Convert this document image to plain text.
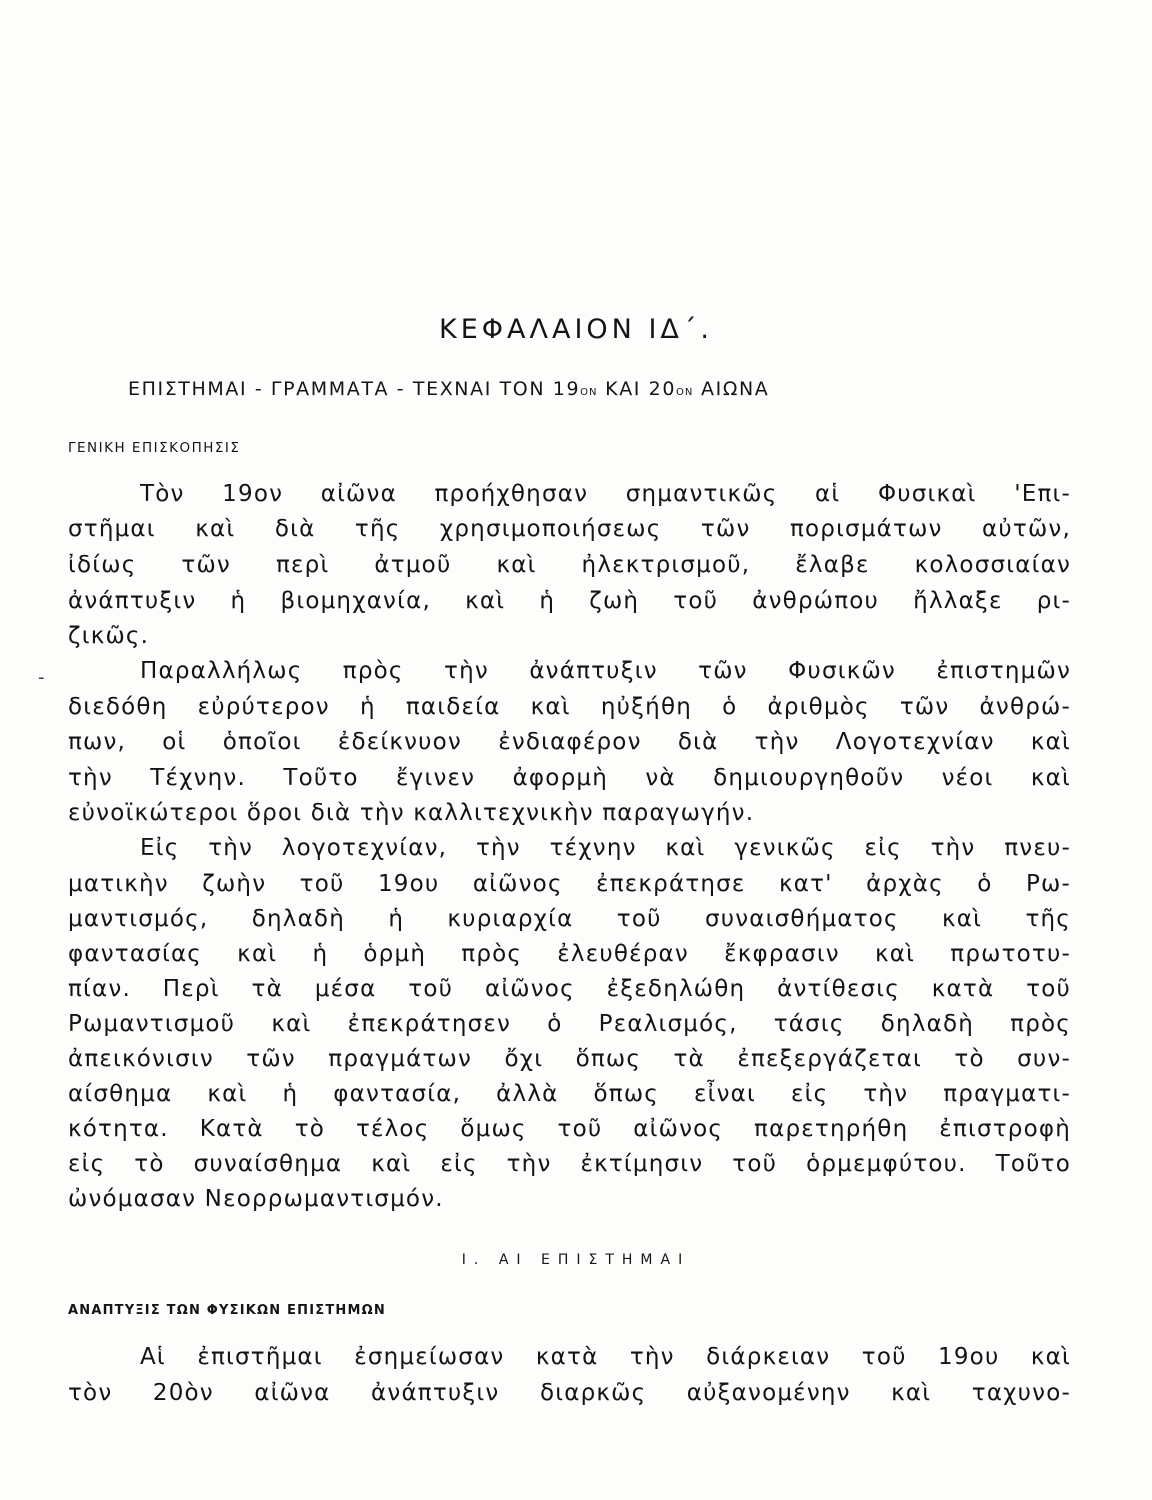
ΚΕΦΑΛΑΙΟΝ ΙΔ΄.
ΕΠΙΣΤΗΜΑΙ - ΓΡΑΜΜΑΤΑ - ΤΕΧΝΑΙ ΤΟΝ 19ΟΝ ΚΑΙ 20ΟΝ ΑΙΩΝΑ
ΓΕΝΙΚΗ ΕΠΙΣΚΟΠΗΣΙΣ
Τὸν 19ον αἰῶνα προήχθησαν σημαντικῶς αἱ Φυσικαὶ 'Επι-
στῆμαι καὶ διὰ τῆς χρησιμοποιήσεως τῶν πορισμάτων αὐτῶν,
ἰδίως τῶν περὶ ἀτμοῦ καὶ ἠλεκτρισμοῦ, ἔλαβε κολοσσιαίαν
ἀνάπτυξιν ἡ βιομηχανία, καὶ ἡ ζωὴ τοῦ ἀνθρώπου ἤλλαξε ρι-
ζικῶς.
-	Παραλλήλως πρὸς τὴν ἀνάπτυξιν τῶν Φυσικῶν ἐπιστημῶν
διεδόθη εὐρύτερον ἡ παιδεία καὶ ηὐξήθη ὁ ἀριθμὸς τῶν ἀνθρώ-
πων, οἱ ὁποῖοι ἐδείκνυον ἐνδιαφέρον διὰ τὴν Λογοτεχνίαν καὶ
τὴν Τέχνην. Τοῦτο ἔγινεν ἀφορμὴ νὰ δημιουργηθοῦν νέοι καὶ
εὐνοϊκώτεροι ὅροι διὰ τὴν καλλιτεχνικὴν παραγωγήν.
Εἰς τὴν λογοτεχνίαν, τὴν τέχνην καὶ γενικῶς εἰς τὴν πνευ-
ματικὴν ζωὴν τοῦ 19ου αἰῶνος ἐπεκράτησε κατ' ἀρχὰς ὁ Ρω-
μαντισμός, δηλαδὴ ἡ κυριαρχία τοῦ συναισθήματος καὶ τῆς
φαντασίας καὶ ἡ ὁρμὴ πρὸς ἐλευθέραν ἔκφρασιν καὶ πρωτοτυ-
πίαν. Περὶ τὰ μέσα τοῦ αἰῶνος ἐξεδηλώθη ἀντίθεσις κατὰ τοῦ
Ρωμαντισμοῦ καὶ ἐπεκράτησεν ὁ Ρεαλισμός, τάσις δηλαδὴ πρὸς
ἀπεικόνισιν τῶν πραγμάτων ὄχι ὅπως τὰ ἐπεξεργάζεται τὸ συν-
αίσθημα καὶ ἡ φαντασία, ἀλλὰ ὅπως εἶναι εἰς τὴν πραγματι-
κότητα. Κατὰ τὸ τέλος ὅμως τοῦ αἰῶνος παρετηρήθη ἐπιστροφὴ
εἰς τὸ συναίσθημα καὶ εἰς τὴν ἐκτίμησιν τοῦ ὁρμεμφύτου. Τοῦτο
ὠνόμασαν Νεορρωμαντισμόν.
Ι. ΑΙ ΕΠΙΣΤΗΜΑΙ
ΑΝΑΠΤΥΞΙΣ ΤΩΝ ΦΥΣΙΚΩΝ ΕΠΙΣΤΗΜΩΝ
Αἱ ἐπιστῆμαι ἐσημείωσαν κατὰ τὴν διάρκειαν τοῦ 19ου καὶ
τὸν 20ὸν αἰῶνα ἀνάπτυξιν διαρκῶς αὐξανομένην καὶ ταχυνο-
